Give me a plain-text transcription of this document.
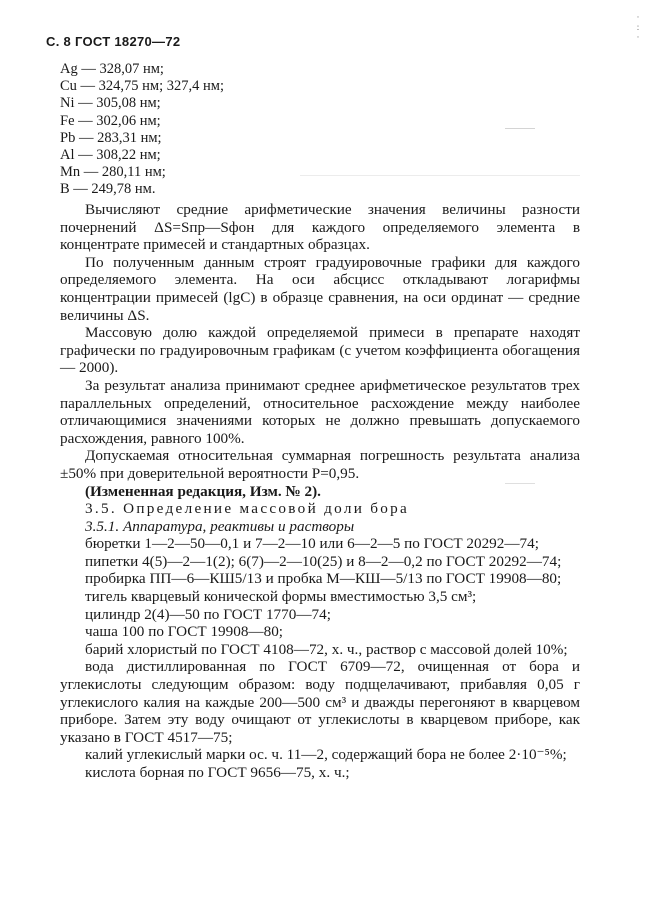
С. 8 ГОСТ 18270—72
·
:
·
Ag — 328,07 нм;
Cu — 324,75 нм; 327,4 нм;
Ni — 305,08 нм;
Fe — 302,06 нм;
Pb — 283,31 нм;
Al — 308,22 нм;
Mn — 280,11 нм;
B — 249,78 нм.

Вычисляют средние арифметические значения величины разности почернений ΔS=Sпр—Sфон для каждого определяемого элемента в концентрате примесей и стандартных образцах.

По полученным данным строят градуировочные графики для каждого определяемого элемента. На оси абсцисс откладывают логарифмы концентрации примесей (lgC) в образце сравнения, на оси ординат — средние величины ΔS.

Массовую долю каждой определяемой примеси в препарате находят графически по градуировочным графикам (с учетом коэффициента обогащения — 2000).

За результат анализа принимают среднее арифметическое результатов трех параллельных определений, относительное расхождение между наиболее отличающимися значениями которых не должно превышать допускаемого расхождения, равного 100%.

Допускаемая относительная суммарная погрешность результата анализа ±50% при доверительной вероятности P=0,95.

(Измененная редакция, Изм. № 2).

3.5. Определение массовой доли бора

3.5.1. Аппаратура, реактивы и растворы

бюретки 1—2—50—0,1 и 7—2—10 или 6—2—5 по ГОСТ 20292—74;

пипетки 4(5)—2—1(2); 6(7)—2—10(25) и 8—2—0,2 по ГОСТ 20292—74;

пробирка ПП—6—КШ5/13 и пробка М—КШ—5/13 по ГОСТ 19908—80;

тигель кварцевый конической формы вместимостью 3,5 см³;

цилиндр 2(4)—50 по ГОСТ 1770—74;

чаша 100 по ГОСТ 19908—80;

барий хлористый по ГОСТ 4108—72, х. ч., раствор с массовой долей 10%;

вода дистиллированная по ГОСТ 6709—72, очищенная от бора и углекислоты следующим образом: воду подщелачивают, прибавляя 0,05 г углекислого калия на каждые 200—500 см³ и дважды перегоняют в кварцевом приборе. Затем эту воду очищают от углекислоты в кварцевом приборе, как указано в ГОСТ 4517—75;

калий углекислый марки ос. ч. 11—2, содержащий бора не более 2·10⁻⁵%;

кислота борная по ГОСТ 9656—75, х. ч.;
